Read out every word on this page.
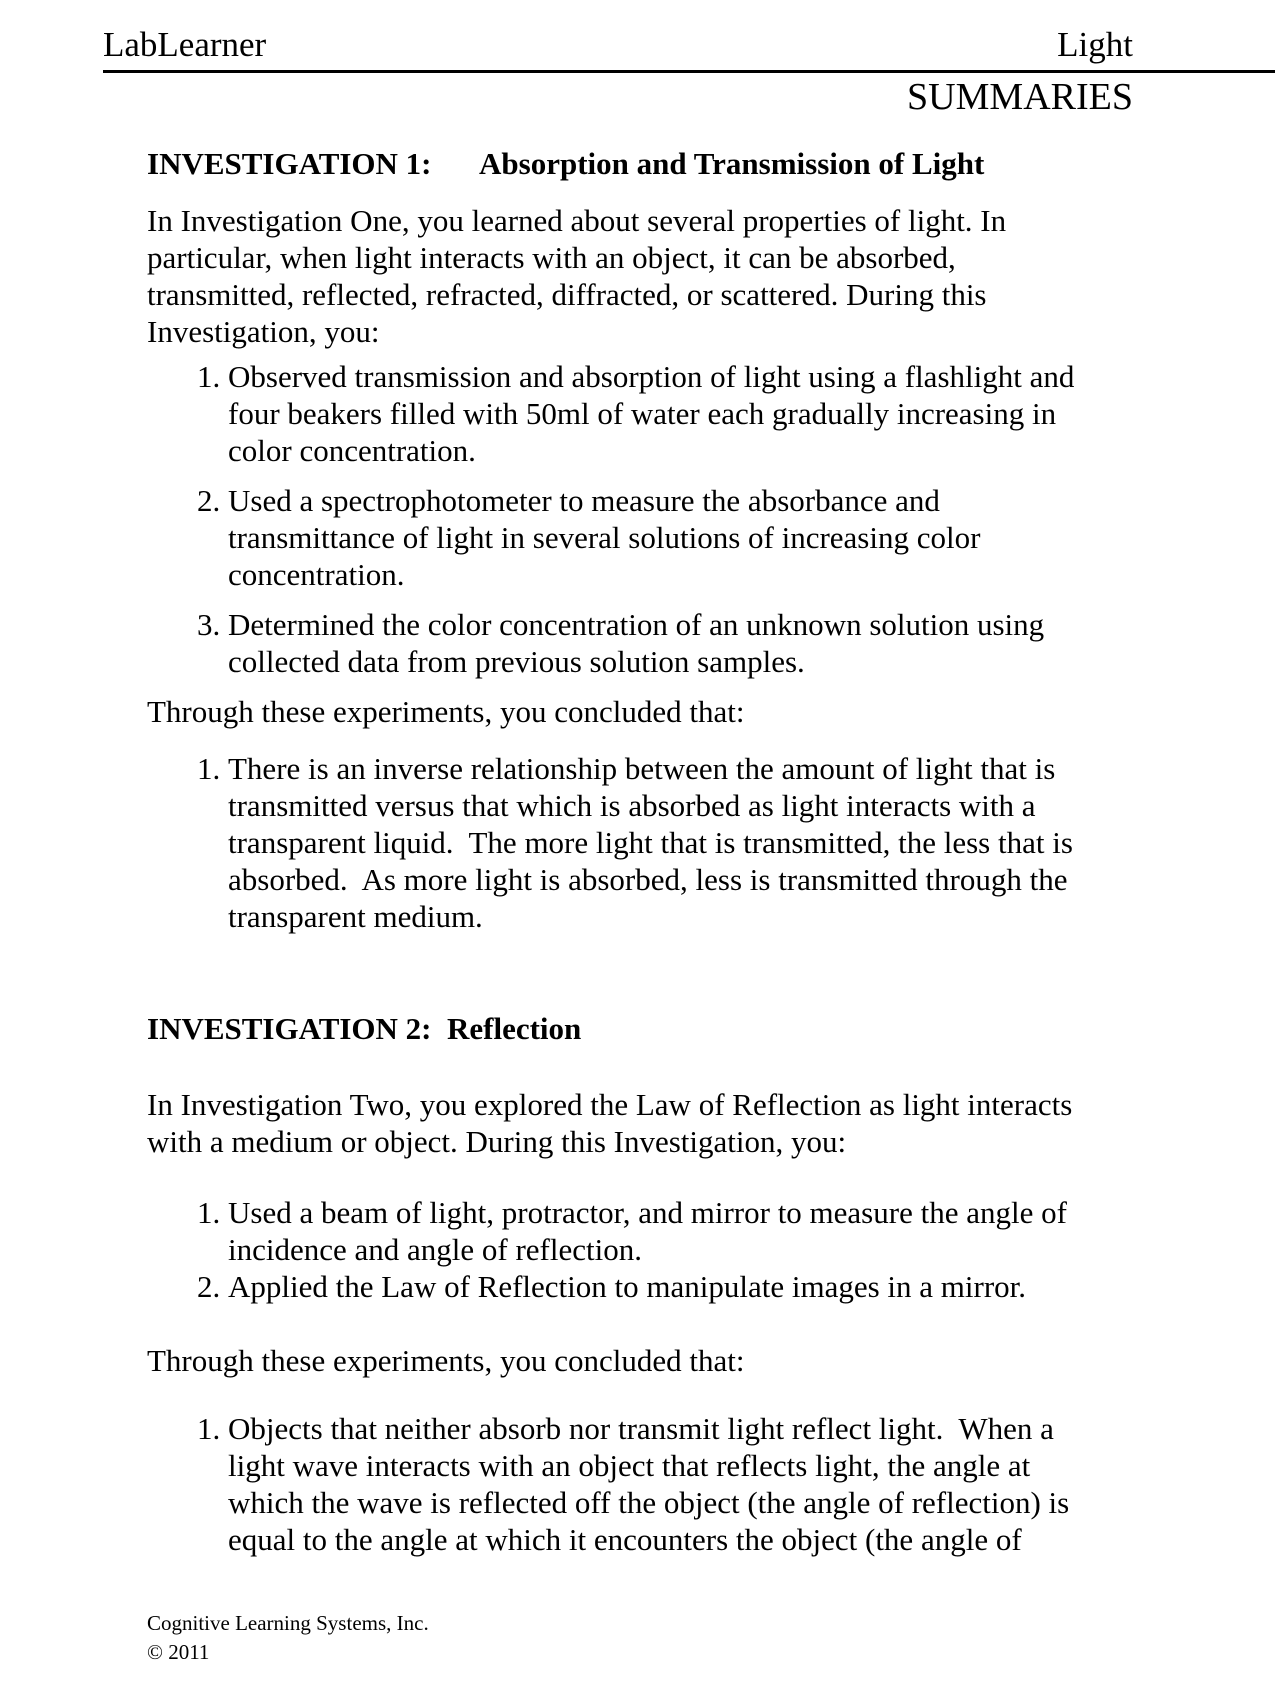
LabLearner	Light
SUMMARIES
INVESTIGATION 1: Absorption and Transmission of Light

In Investigation One, you learned about several properties of light. In particular, when light interacts with an object, it can be absorbed, transmitted, reflected, refracted, diffracted, or scattered. During this Investigation, you:

1. Observed transmission and absorption of light using a flashlight and four beakers filled with 50ml of water each gradually increasing in color concentration.
2. Used a spectrophotometer to measure the absorbance and transmittance of light in several solutions of increasing color concentration.
3. Determined the color concentration of an unknown solution using collected data from previous solution samples.

Through these experiments, you concluded that:

1. There is an inverse relationship between the amount of light that is transmitted versus that which is absorbed as light interacts with a transparent liquid.  The more light that is transmitted, the less that is absorbed.  As more light is absorbed, less is transmitted through the transparent medium.
INVESTIGATION 2: Reflection

In Investigation Two, you explored the Law of Reflection as light interacts with a medium or object. During this Investigation, you:

1. Used a beam of light, protractor, and mirror to measure the angle of incidence and angle of reflection.
2. Applied the Law of Reflection to manipulate images in a mirror.

Through these experiments, you concluded that:

1. Objects that neither absorb nor transmit light reflect light.  When a light wave interacts with an object that reflects light, the angle at which the wave is reflected off the object (the angle of reflection) is equal to the angle at which it encounters the object (the angle of
Cognitive Learning Systems, Inc.
© 2011
